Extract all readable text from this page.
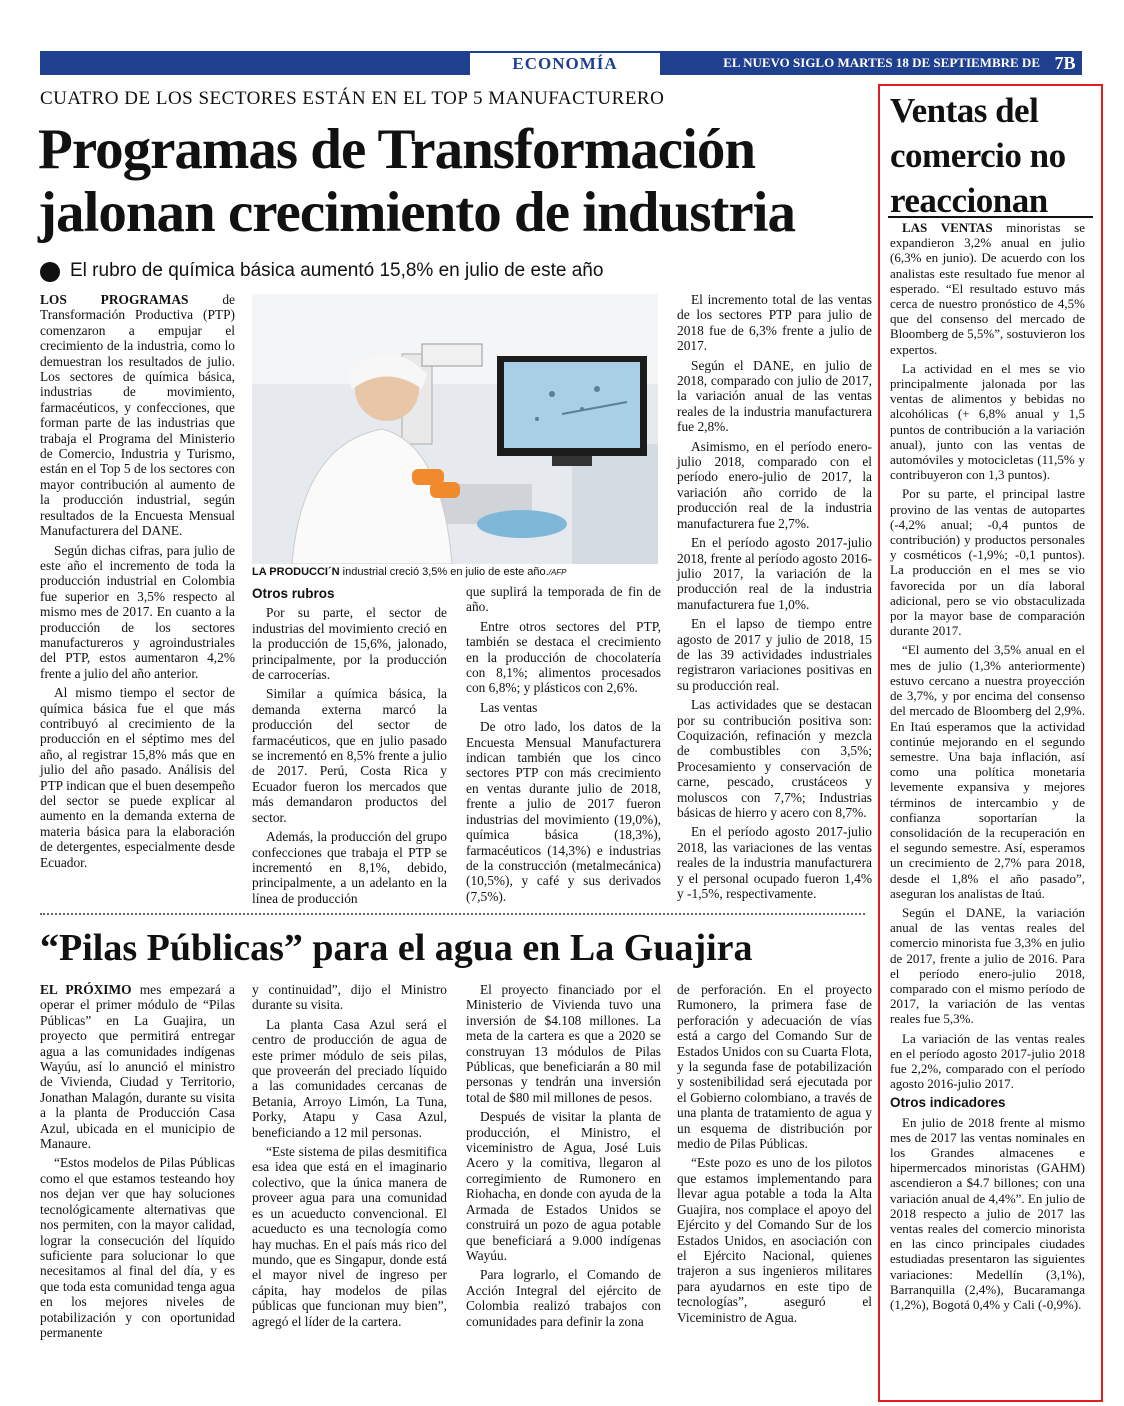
ECONOMÍA	EL NUEVO SIGLO MARTES 18 DE SEPTIEMBRE DE 2018
7B
CUATRO DE LOS SECTORES ESTÁN EN EL TOP 5 MANUFACTURERO
Programas de Transformación
jalonan crecimiento de industria
El rubro de química básica aumentó 15,8% en julio de este año

LOS PROGRAMAS de Transformación Productiva (PTP) comenzaron a empujar el crecimiento de la industria, como lo demuestran los resultados de julio. Los sectores de química básica, industrias de movimiento, farmacéuticos, y confecciones, que forman parte de las industrias que trabaja el Programa del Ministerio de Comercio, Industria y Turismo, están en el Top 5 de los sectores con mayor contribución al aumento de la producción industrial, según resultados de la Encuesta Mensual Manufacturera del DANE.

Según dichas cifras, para julio de este año el incremento de toda la producción industrial en Colombia fue superior en 3,5% respecto al mismo mes de 2017. En cuanto a la producción de los sectores manufactureros y agroindustriales del PTP, estos aumentaron 4,2% frente a julio del año anterior.

Al mismo tiempo el sector de química básica fue el que más contribuyó al crecimiento de la producción en el séptimo mes del año, al registrar 15,8% más que en julio del año pasado. Análisis del PTP indican que el buen desempeño del sector se puede explicar al aumento en la demanda externa de materia básica para la elaboración de detergentes, especialmente desde Ecuador.

LA PRODUCCI´N industrial creció 3,5% en julio de este año./AFP
Otros rubros

Por su parte, el sector de industrias del movimiento creció en la producción de 15,6%, jalonado, principalmente, por la producción de carrocerías.

Similar a química básica, la demanda externa marcó la producción del sector de farmacéuticos, que en julio pasado se incrementó en 8,5% frente a julio de 2017. Perú, Costa Rica y Ecuador fueron los mercados que más demandaron productos del sector.

Además, la producción del grupo confecciones que trabaja el PTP se incrementó en 8,1%, debido, principalmente, a un adelanto en la línea de producción

que suplirá la temporada de fin de año.

Entre otros sectores del PTP, también se destaca el crecimiento en la producción de chocolatería con 8,1%; alimentos procesados con 6,8%; y plásticos con 2,6%.

Las ventas

De otro lado, los datos de la Encuesta Mensual Manufacturera indican también que los cinco sectores PTP con más crecimiento en ventas durante julio de 2018, frente a julio de 2017 fueron industrias del movimiento (19,0%), química básica (18,3%), farmacéuticos (14,3%) e industrias de la construcción (metalmecánica) (10,5%), y café y sus derivados (7,5%).

El incremento total de las ventas de los sectores PTP para julio de 2018 fue de 6,3% frente a julio de 2017.

Según el DANE, en julio de 2018, comparado con julio de 2017, la variación anual de las ventas reales de la industria manufacturera fue 2,8%.

Asimismo, en el período enero-julio 2018, comparado con el período enero-julio de 2017, la variación año corrido de la producción real de la industria manufacturera fue 2,7%.

En el período agosto 2017-julio 2018, frente al período agosto 2016-julio 2017, la variación de la producción real de la industria manufacturera fue 1,0%.

En el lapso de tiempo entre agosto de 2017 y julio de 2018, 15 de las 39 actividades industriales registraron variaciones positivas en su producción real.

Las actividades que se destacan por su contribución positiva son: Coquización, refinación y mezcla de combustibles con 3,5%; Procesamiento y conservación de carne, pescado, crustáceos y moluscos con 7,7%; Industrias básicas de hierro y acero con 8,7%.

En el período agosto 2017-julio 2018, las variaciones de las ventas reales de la industria manufacturera y el personal ocupado fueron 1,4% y -1,5%, respectivamente.

“Pilas Públicas” para el agua en La Guajira

EL PRÓXIMO mes empezará a operar el primer módulo de “Pilas Públicas” en La Guajira, un proyecto que permitirá entregar agua a las comunidades indígenas Wayúu, así lo anunció el ministro de Vivienda, Ciudad y Territorio, Jonathan Malagón, durante su visita a la planta de Producción Casa Azul, ubicada en el municipio de Manaure.

“Estos modelos de Pilas Públicas como el que estamos testeando hoy nos dejan ver que hay soluciones tecnológicamente alternativas que nos permiten, con la mayor calidad, lograr la consecución del líquido suficiente para solucionar lo que necesitamos al final del día, y es que toda esta comunidad tenga agua en los mejores niveles de potabilización y con oportunidad permanente

y continuidad”, dijo el Ministro durante su visita.

La planta Casa Azul será el centro de producción de agua de este primer módulo de seis pilas, que proveerán del preciado líquido a las comunidades cercanas de Betania, Arroyo Limón, La Tuna, Porky, Atapu y Casa Azul, beneficiando a 12 mil personas.

“Este sistema de pilas desmitifica esa idea que está en el imaginario colectivo, que la única manera de proveer agua para una comunidad es un acueducto convencional. El acueducto es una tecnología como hay muchas. En el país más rico del mundo, que es Singapur, donde está el mayor nivel de ingreso per cápita, hay modelos de pilas públicas que funcionan muy bien”, agregó el líder de la cartera.

El proyecto financiado por el Ministerio de Vivienda tuvo una inversión de $4.108 millones. La meta de la cartera es que a 2020 se construyan 13 módulos de Pilas Públicas, que beneficiarán a 80 mil personas y tendrán una inversión total de $80 mil millones de pesos.

Después de visitar la planta de producción, el Ministro, el viceministro de Agua, José Luis Acero y la comitiva, llegaron al corregimiento de Rumonero en Riohacha, en donde con ayuda de la Armada de Estados Unidos se construirá un pozo de agua potable que beneficiará a 9.000 indígenas Wayúu.

Para lograrlo, el Comando de Acción Integral del ejército de Colombia realizó trabajos con comunidades para definir la zona

de perforación. En el proyecto Rumonero, la primera fase de perforación y adecuación de vías está a cargo del Comando Sur de Estados Unidos con su Cuarta Flota, y la segunda fase de potabilización y sostenibilidad será ejecutada por el Gobierno colombiano, a través de una planta de tratamiento de agua y un esquema de distribución por medio de Pilas Públicas.

“Este pozo es uno de los pilotos que estamos implementando para llevar agua potable a toda la Alta Guajira, nos complace el apoyo del Ejército y del Comando Sur de los Estados Unidos, en asociación con el Ejército Nacional, quienes trajeron a sus ingenieros militares para ayudarnos en este tipo de tecnologías”, aseguró el Viceministro de Agua.

Ventas del
comercio no
reaccionan

LAS VENTAS minoristas se expandieron 3,2% anual en julio (6,3% en junio). De acuerdo con los analistas este resultado fue menor al esperado. “El resultado estuvo más cerca de nuestro pronóstico de 4,5% que del consenso del mercado de Bloomberg de 5,5%”, sostuvieron los expertos.

La actividad en el mes se vio principalmente jalonada por las ventas de alimentos y bebidas no alcohólicas (+ 6,8% anual y 1,5 puntos de contribución a la variación anual), junto con las ventas de automóviles y motocicletas (11,5% y contribuyeron con 1,3 puntos).

Por su parte, el principal lastre provino de las ventas de autopartes (-4,2% anual; -0,4 puntos de contribución) y productos personales y cosméticos (-1,9%; -0,1 puntos). La producción en el mes se vio favorecida por un día laboral adicional, pero se vio obstaculizada por la mayor base de comparación durante 2017.

“El aumento del 3,5% anual en el mes de julio (1,3% anteriormente) estuvo cercano a nuestra proyección de 3,7%, y por encima del consenso del mercado de Bloomberg del 2,9%. En Itaú esperamos que la actividad continúe mejorando en el segundo semestre. Una baja inflación, así como una política monetaria levemente expansiva y mejores términos de intercambio y de confianza soportarían la consolidación de la recuperación en el segundo semestre. Así, esperamos un crecimiento de 2,7% para 2018, desde el 1,8% el año pasado”, aseguran los analistas de Itaú.

Según el DANE, la variación anual de las ventas reales del comercio minorista fue 3,3% en julio de 2017, frente a julio de 2016. Para el período enero-julio 2018, comparado con el mismo período de 2017, la variación de las ventas reales fue 5,3%.

La variación de las ventas reales en el período agosto 2017-julio 2018 fue 2,2%, comparado con el período agosto 2016-julio 2017.

Otros indicadores

En julio de 2018 frente al mismo mes de 2017 las ventas nominales en los Grandes almacenes e hipermercados minoristas (GAHM) ascendieron a $4.7 billones; con una variación anual de 4,4%”. En julio de 2018 respecto a julio de 2017 las ventas reales del comercio minorista en las cinco principales ciudades estudiadas presentaron las siguientes variaciones: Medellín (3,1%), Barranquilla (2,4%), Bucaramanga (1,2%), Bogotá 0,4% y Cali (-0,9%).
